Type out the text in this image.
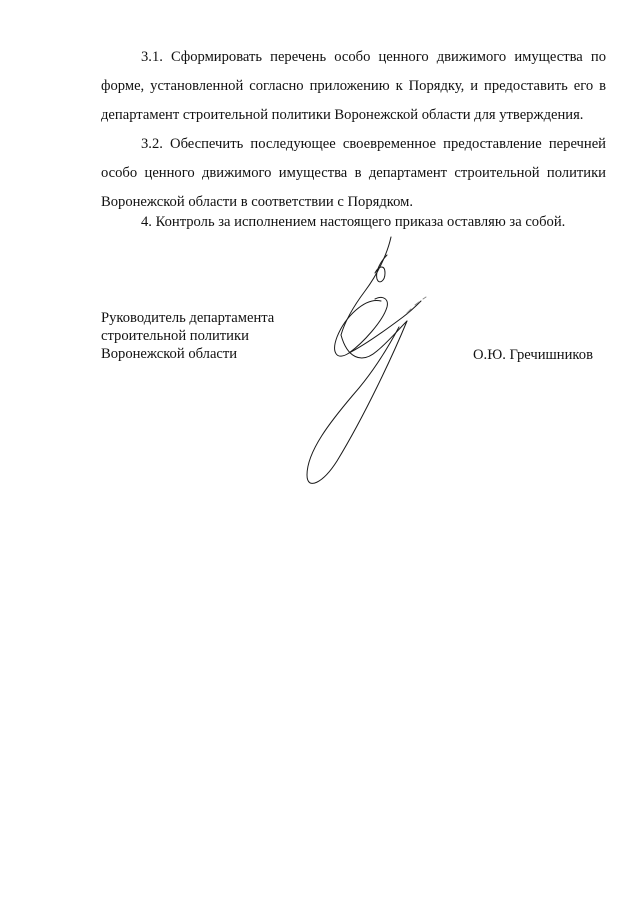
3.1. Сформировать перечень особо ценного движимого имущества по

форме, установленной согласно приложению к Порядку, и предоставить его в

департамент строительной политики Воронежской области для утверждения.

3.2. Обеспечить последующее своевременное предоставление перечней

особо ценного движимого имущества в департамент строительной политики

Воронежской области в соответствии с Порядком.

4. Контроль за исполнением настоящего приказа оставляю за собой.

Руководитель департамента

строительной политики

Воронежской области	О.Ю. Гречишников
